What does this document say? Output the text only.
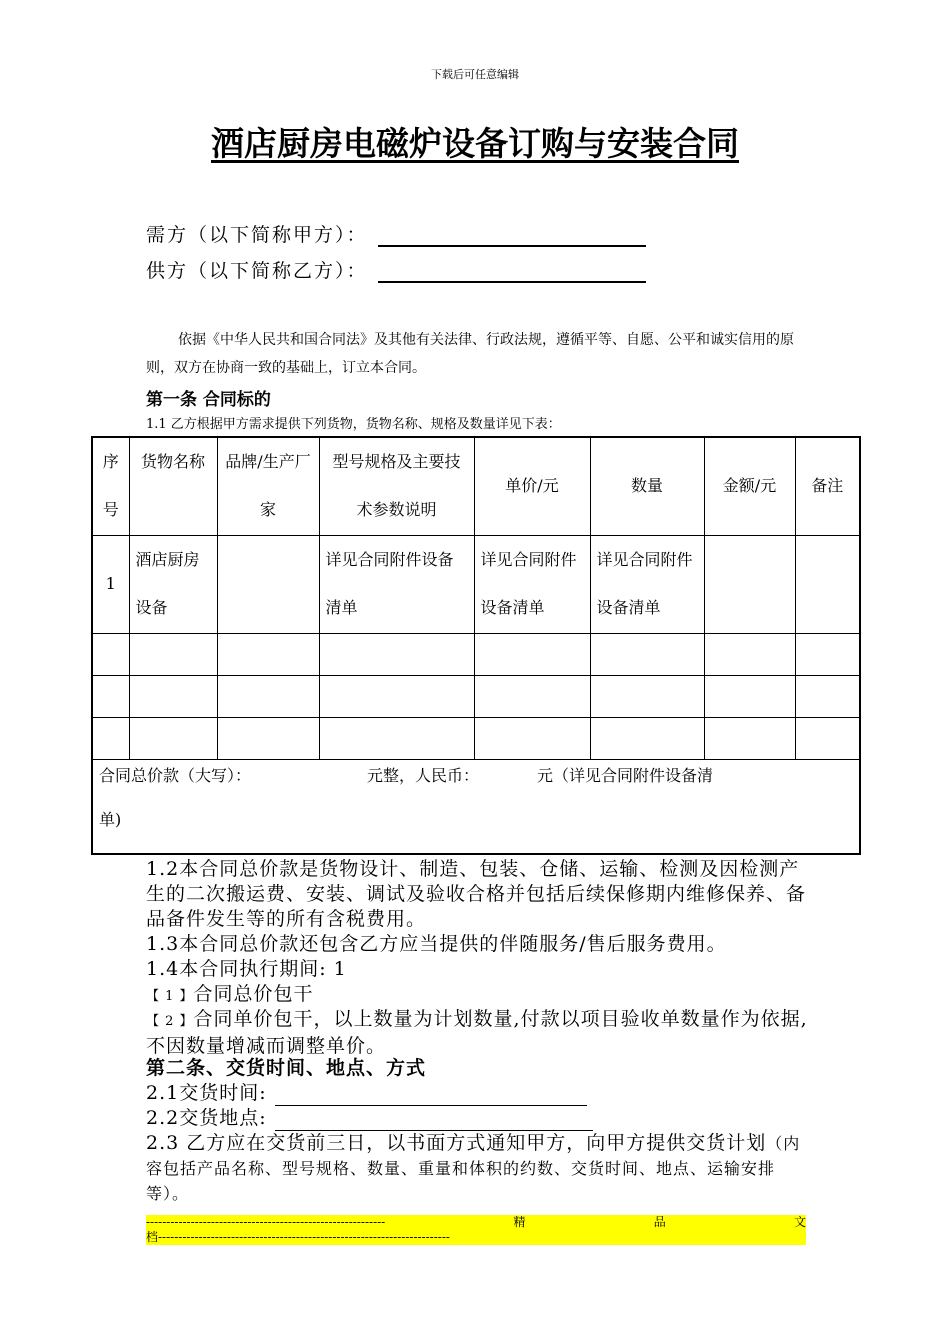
下载后可任意编辑
酒店厨房电磁炉设备订购与安装合同
需方（以下简称甲方）：
供方（以下简称乙方）：
依据《中华人民共和国合同法》及其他有关法律、行政法规，遵循平等、自愿、公平和诚实信用的原则，双方在协商一致的基础上，订立本合同。
第一条 合同标的
1.1 乙方根据甲方需求提供下列货物，货物名称、规格及数量详见下表：
序号	货物名称	品牌/生产厂家	型号规格及主要技术参数说明	单价/元	数量	金额/元	备注
1	酒店厨房设备		详见合同附件设备清单	详见合同附件设备清单	详见合同附件设备清单		

合同总价款（大写）： 元整，人民币： 元（详见合同附件设备清

单)							
1.2本合同总价款是货物设计、制造、包装、仓储、运输、检测及因检测产生的二次搬运费、安装、调试及验收合格并包括后续保修期内维修保养、备品备件发生等的所有含税费用。
1.3本合同总价款还包含乙方应当提供的伴随服务/售后服务费用。
1.4本合同执行期间: 1
【 1 】合同总价包干
【 2 】合同单价包干，以上数量为计划数量,付款以项目验收单数量作为依据,不因数量增减而调整单价。
第二条、交货时间、地点、方式
2.1交货时间:
2.2交货地点:
2.3 乙方应在交货前三日，以书面方式通知甲方，向甲方提供交货计划（内容包括产品名称、型号规格、数量、重量和体积的约数、交货时间、地点、运输安排等）。
-----------------------------------------------------------	精	品	文
档------------------------------------------------------------------------
